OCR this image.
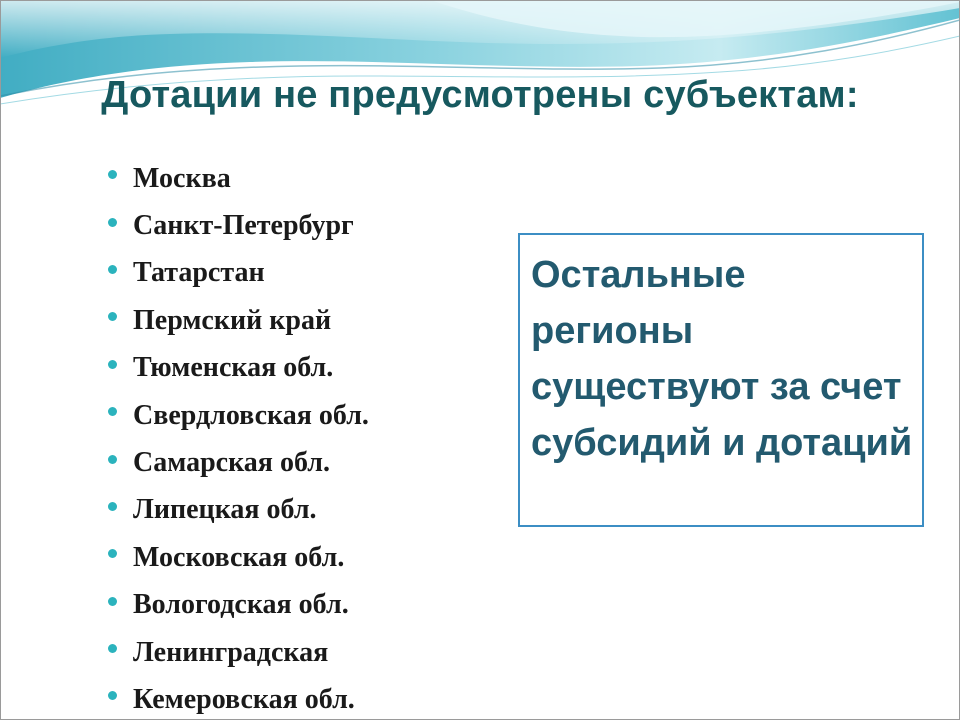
Дотации не предусмотрены субъектам:
Москва
Санкт-Петербург
Татарстан
Пермский край
Тюменская обл.
Свердловская обл.
Самарская обл.
Липецкая обл.
Московская обл.
Вологодская обл.
Ленинградская
Кемеровская обл.
Остальные регионы существуют за счет субсидий и дотаций
